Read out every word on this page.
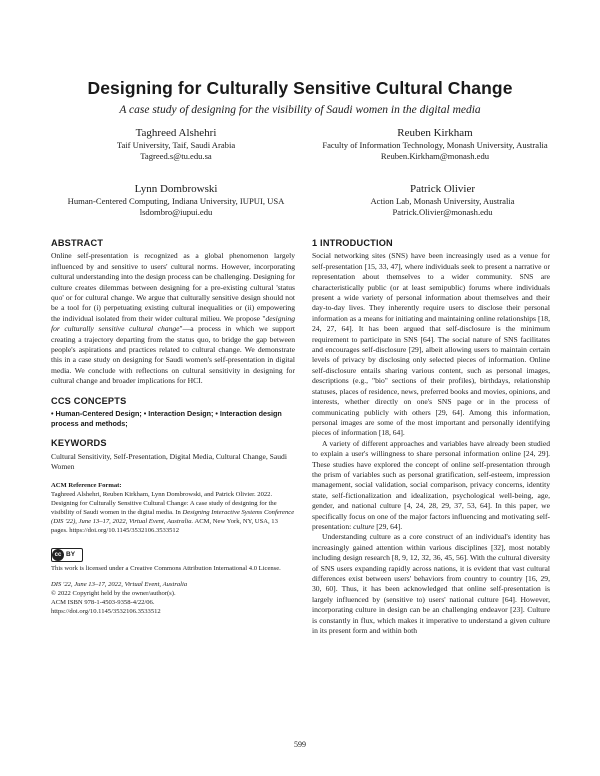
Designing for Culturally Sensitive Cultural Change
A case study of designing for the visibility of Saudi women in the digital media
Taghreed Alshehri
Taif University, Taif, Saudi Arabia
Tagreed.s@tu.edu.sa
Reuben Kirkham
Faculty of Information Technology, Monash University, Australia
Reuben.Kirkham@monash.edu
Lynn Dombrowski
Human-Centered Computing, Indiana University, IUPUI, USA
lsdombro@iupui.edu
Patrick Olivier
Action Lab, Monash University, Australia
Patrick.Olivier@monash.edu
ABSTRACT

Online self-presentation is recognized as a global phenomenon largely influenced by and sensitive to users' cultural norms. However, incorporating cultural understanding into the design process can be challenging. Designing for culture creates dilemmas between designing for a pre-existing cultural 'status quo' or for cultural change. We argue that culturally sensitive design should not be a tool for (i) perpetuating existing cultural inequalities or (ii) empowering the individual isolated from their wider cultural milieu. We propose "designing for culturally sensitive cultural change"—a process in which we support creating a trajectory departing from the status quo, to bridge the gap between people's aspirations and practices related to cultural change. We demonstrate this in a case study on designing for Saudi women's self-presentation in digital media. We conclude with reflections on cultural sensitivity in designing for cultural change and broader implications for HCI.

CCS CONCEPTS

• Human-Centered Design; • Interaction Design; • Interaction design process and methods;

KEYWORDS

Cultural Sensitivity, Self-Presentation, Digital Media, Cultural Change, Saudi Women

ACM Reference Format:
Taghreed Alshehri, Reuben Kirkham, Lynn Dombrowski, and Patrick Olivier. 2022. Designing for Culturally Sensitive Cultural Change: A case study of designing for the visibility of Saudi women in the digital media. In Designing Interactive Systems Conference (DIS '22), June 13–17, 2022, Virtual Event, Australia. ACM, New York, NY, USA, 13 pages. https://doi.org/10.1145/3532106.3533512
cc BY
This work is licensed under a Creative Commons Attribution International 4.0 License.
DIS '22, June 13–17, 2022, Virtual Event, Australia
© 2022 Copyright held by the owner/author(s).
ACM ISBN 978-1-4503-9358-4/22/06.
https://doi.org/10.1145/3532106.3533512
1 INTRODUCTION

Social networking sites (SNS) have been increasingly used as a venue for self-presentation [15, 33, 47], where individuals seek to present a narrative or representation about themselves to a wider community. SNS are characteristically public (or at least semipublic) forums where individuals present a wide variety of personal information about themselves and their day-to-day lives. They inherently require users to disclose their personal information as a means for initiating and maintaining online relationships [18, 24, 27, 64]. It has been argued that self-disclosure is the minimum requirement to participate in SNS [64]. The social nature of SNS facilitates and encourages self-disclosure [29], albeit allowing users to maintain certain levels of privacy by disclosing only selected pieces of information. Online self-disclosure entails sharing various content, such as personal images, descriptions (e.g., "bio" sections of their profiles), birthdays, relationship statuses, places of residence, news, preferred books and movies, opinions, and interests, whether directly on one's SNS page or in the process of communicating publicly with others [29, 64]. Among this information, personal images are some of the most important and personally identifying pieces of information [18, 64].

A variety of different approaches and variables have already been studied to explain a user's willingness to share personal information online [24, 29]. These studies have explored the concept of online self-presentation through the prism of variables such as personal gratification, self-esteem, impression management, social validation, social comparison, privacy concerns, identity state, self-fictionalization and idealization, psychological well-being, age, gender, and national culture [4, 24, 28, 29, 37, 53, 64]. In this paper, we specifically focus on one of the major factors influencing and motivating self-presentation: culture [29, 64].

Understanding culture as a core construct of an individual's identity has increasingly gained attention within various disciplines [32], most notably including design research [8, 9, 12, 32, 36, 45, 56]. With the cultural diversity of SNS users expanding rapidly across nations, it is evident that vast cultural differences exist between users' behaviors from country to country [16, 29, 30, 60]. Thus, it has been acknowledged that online self-presentation is largely influenced by (sensitive to) users' national culture [64]. However, incorporating culture in design can be an challenging endeavor [23]. Culture is constantly in flux, which makes it imperative to understand a given culture in its present form and within both

599
